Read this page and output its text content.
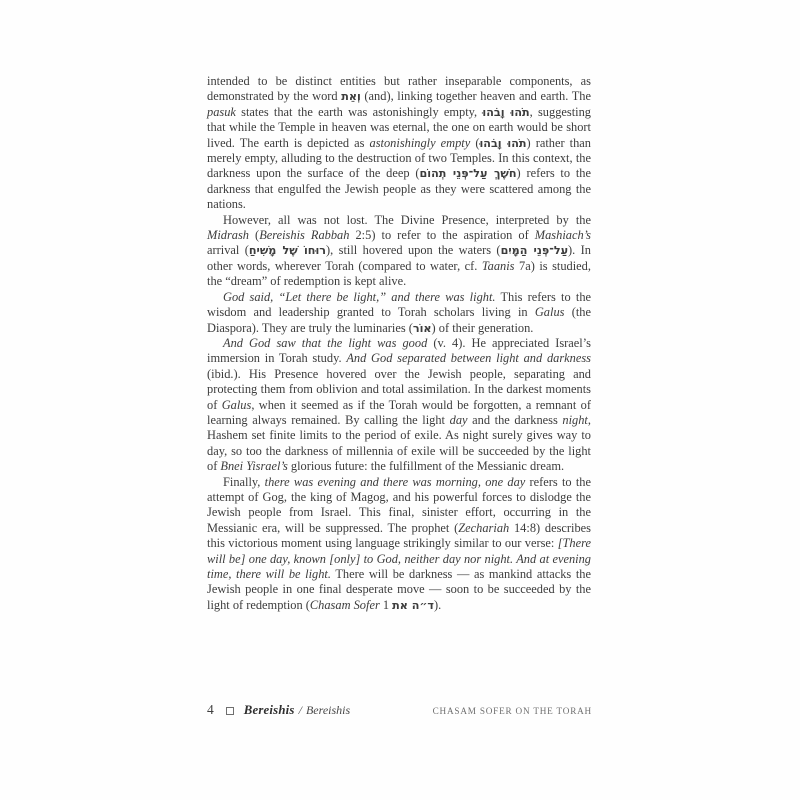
intended to be distinct entities but rather inseparable components, as demonstrated by the word וְאֵת (and), linking together heaven and earth. The pasuk states that the earth was astonishingly empty, תֹהוּ וָבֹהוּ, suggesting that while the Temple in heaven was eternal, the one on earth would be short lived. The earth is depicted as astonishingly empty (תֹהוּ וָבֹהוּ) rather than merely empty, alluding to the destruction of two Temples. In this context, the darkness upon the surface of the deep (חֹשֶׁךְ עַל־פְּנֵי תְהוֹם) refers to the darkness that engulfed the Jewish people as they were scattered among the nations.

However, all was not lost. The Divine Presence, interpreted by the Midrash (Bereishis Rabbah 2:5) to refer to the aspiration of Mashiach’s arrival (רוּחוֹ שֶׁל מָשִׁיחַ), still hovered upon the waters (עַל־פְּנֵי הַמָּיִם). In other words, wherever Torah (compared to water, cf. Taanis 7a) is studied, the “dream” of redemption is kept alive.

God said, “Let there be light,” and there was light. This refers to the wisdom and leadership granted to Torah scholars living in Galus (the Diaspora). They are truly the luminaries (אוֹר) of their generation.

And God saw that the light was good (v. 4). He appreciated Israel’s immersion in Torah study. And God separated between light and darkness (ibid.). His Presence hovered over the Jewish people, separating and protecting them from oblivion and total assimilation. In the darkest moments of Galus, when it seemed as if the Torah would be forgotten, a remnant of learning always remained. By calling the light day and the darkness night, Hashem set finite limits to the period of exile. As night surely gives way to day, so too the darkness of millennia of exile will be succeeded by the light of Bnei Yisrael’s glorious future: the fulfillment of the Messianic dream.

Finally, there was evening and there was morning, one day refers to the attempt of Gog, the king of Magog, and his powerful forces to dislodge the Jewish people from Israel. This final, sinister effort, occurring in the Messianic era, will be suppressed. The prophet (Zechariah 14:8) describes this victorious moment using language strikingly similar to our verse: [There will be] one day, known [only] to God, neither day nor night. And at evening time, there will be light. There will be darkness — as mankind attacks the Jewish people in one final desperate move — soon to be succeeded by the light of redemption (Chasam Sofer 1 ד״ה את).

4 Bereishis / Bereishis	CHASAM SOFER ON THE TORAH
